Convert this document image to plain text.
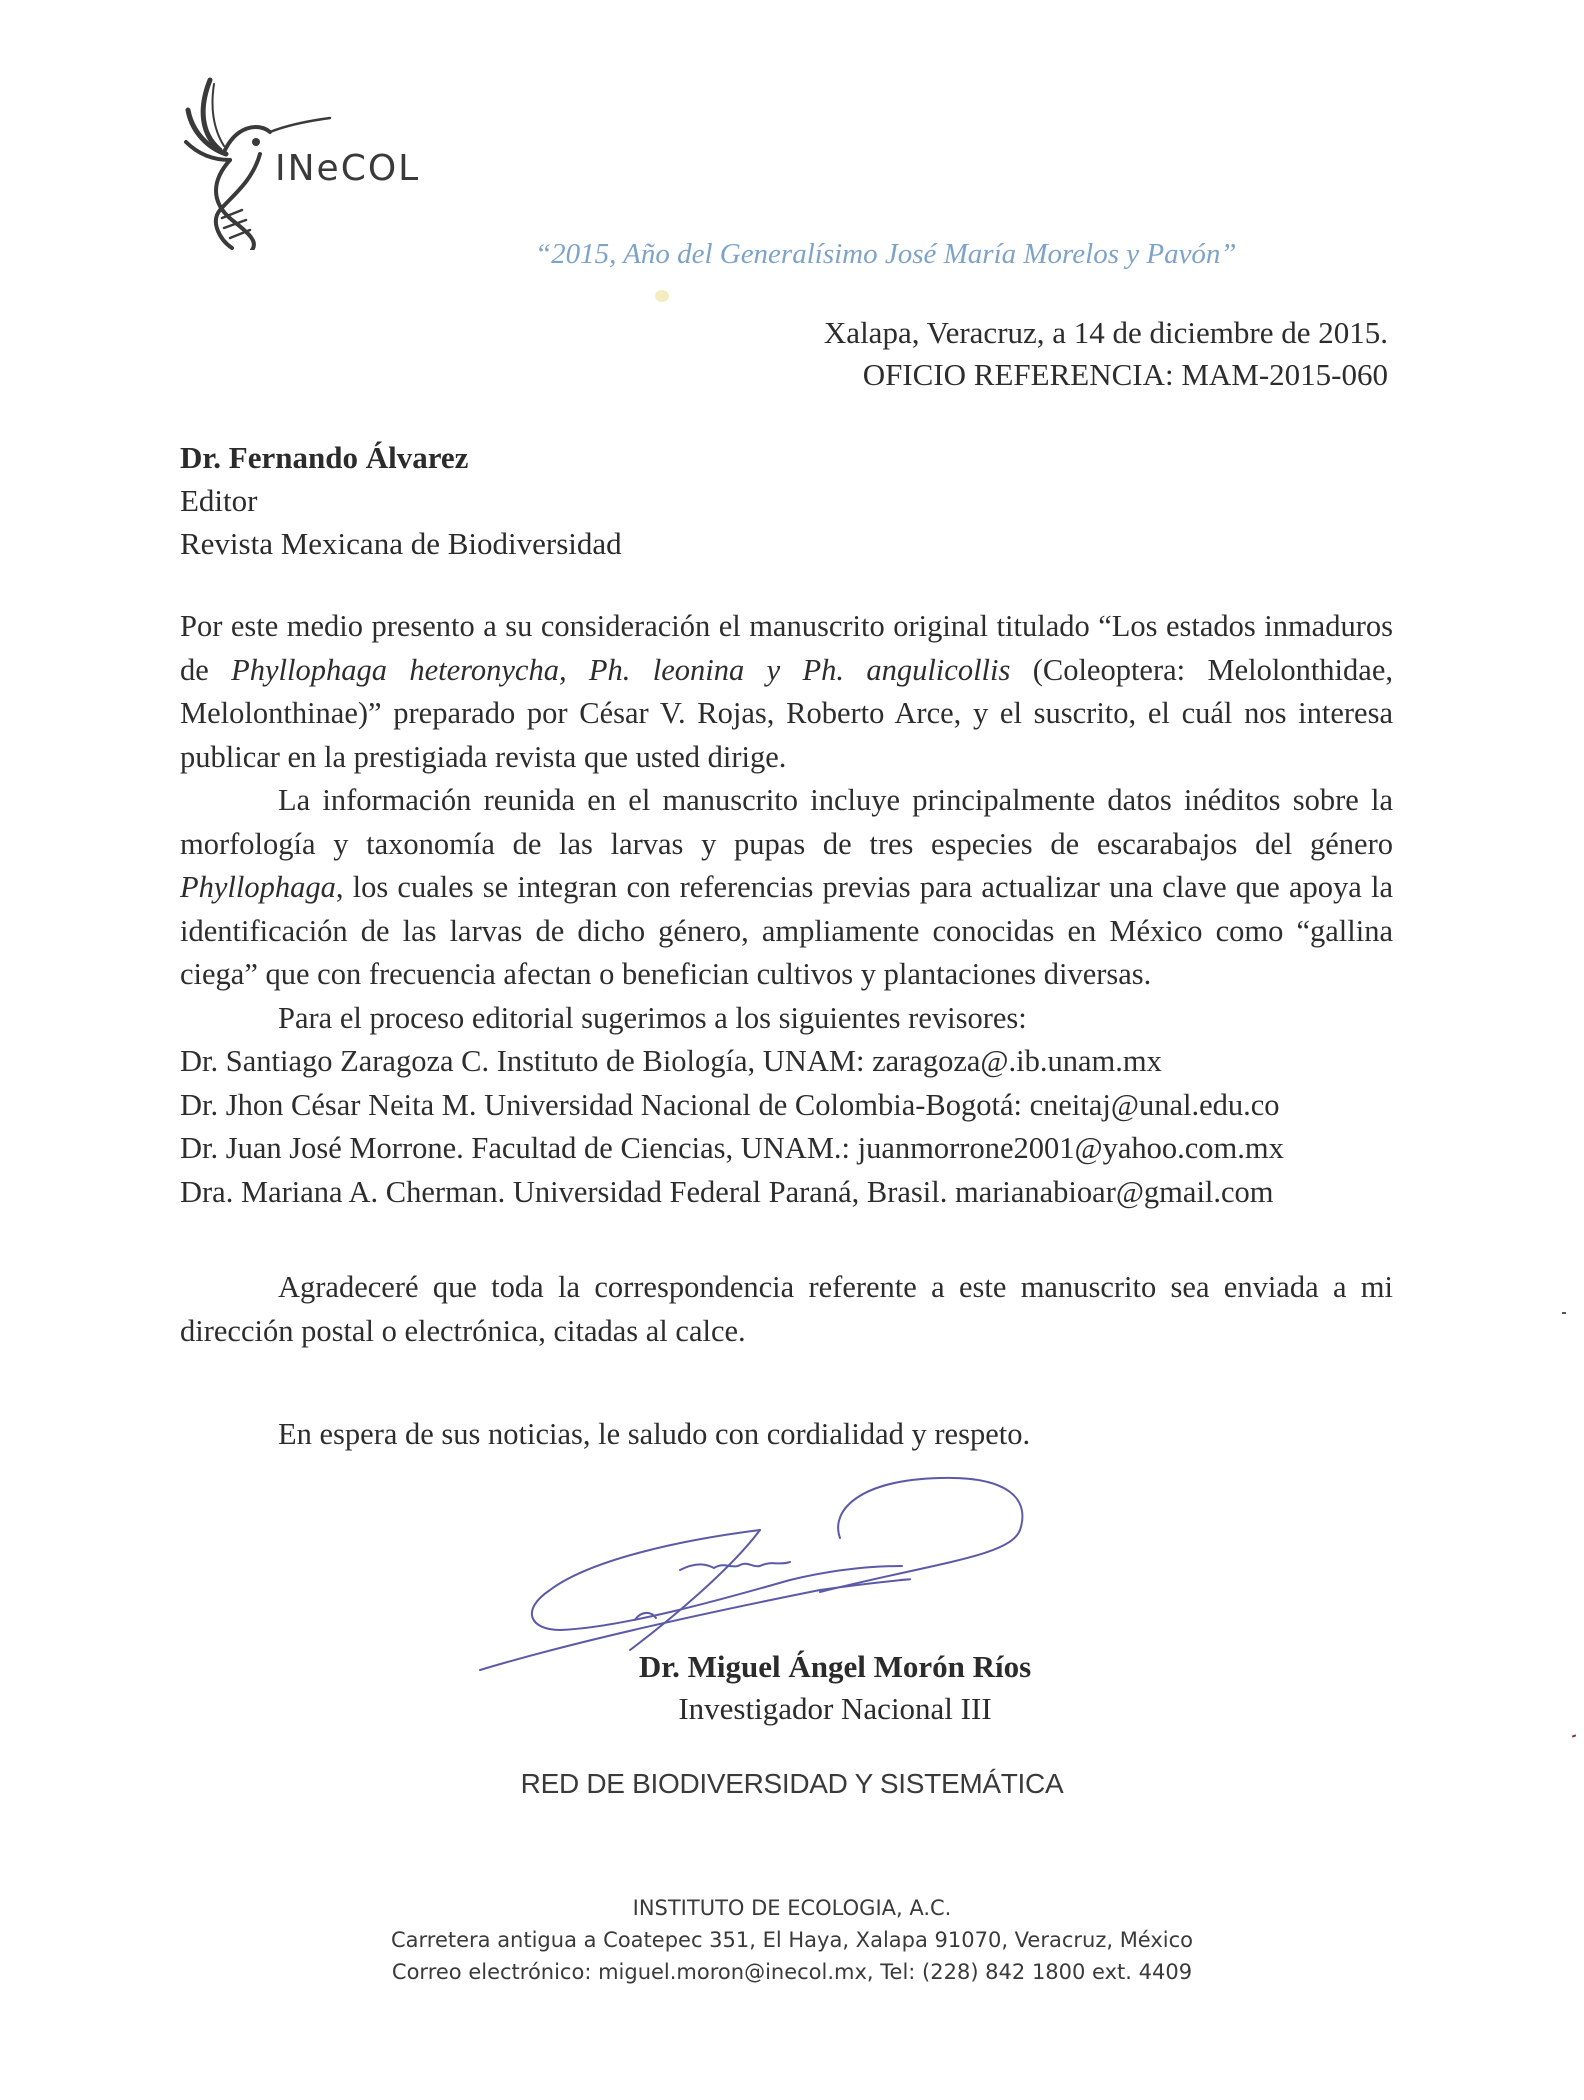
INeCOL
“2015, Año del Generalísimo José María Morelos y Pavón”
Xalapa, Veracruz, a 14 de diciembre de 2015.
OFICIO REFERENCIA: MAM-2015-060
Dr. Fernando Álvarez
Editor
Revista Mexicana de Biodiversidad

Por este medio presento a su consideración el manuscrito original titulado “Los estados inmaduros de Phyllophaga heteronycha, Ph. leonina y Ph. angulicollis (Coleoptera: Melolonthidae, Melolonthinae)” preparado por César V. Rojas, Roberto Arce, y el suscrito, el cuál nos interesa publicar en la prestigiada revista que usted dirige.

La información reunida en el manuscrito incluye principalmente datos inéditos sobre la morfología y taxonomía de las larvas y pupas de tres especies de escarabajos del género Phyllophaga, los cuales se integran con referencias previas para actualizar una clave que apoya la identificación de las larvas de dicho género, ampliamente conocidas en México como “gallina ciega” que con frecuencia afectan o benefician cultivos y plantaciones diversas.

Para el proceso editorial sugerimos a los siguientes revisores:

Dr. Santiago Zaragoza C. Instituto de Biología, UNAM: zaragoza@.ib.unam.mx
Dr. Jhon César Neita M. Universidad Nacional de Colombia-Bogotá: cneitaj@unal.edu.co
Dr. Juan José Morrone. Facultad de Ciencias, UNAM.: juanmorrone2001@yahoo.com.mx
Dra. Mariana A. Cherman. Universidad Federal Paraná, Brasil. marianabioar@gmail.com

Agradeceré que toda la correspondencia referente a este manuscrito sea enviada a mi dirección postal o electrónica, citadas al calce.

En espera de sus noticias, le saludo con cordialidad y respeto.

Dr. Miguel Ángel Morón Ríos
Investigador Nacional III
RED DE BIODIVERSIDAD Y SISTEMÁTICA
INSTITUTO DE ECOLOGIA, A.C.
Carretera antigua a Coatepec 351, El Haya, Xalapa 91070, Veracruz, México
Correo electrónico: miguel.moron@inecol.mx, Tel: (228) 842 1800 ext. 4409
